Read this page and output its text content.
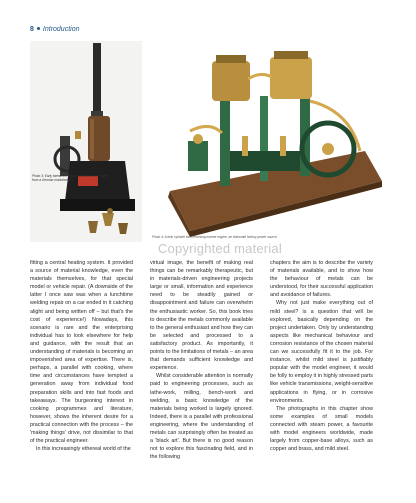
8 Introduction
Photo 3: Early twentieth century vertical steam engine, from a German manufacturer.
Photo 4: A twin cylinder twin reversing marine engine, an elaborate factory power source.
Copyrighted material

fitting a central heating system. It provided a source of material knowledge, even the materials themselves, for that special model or vehicle repair. (A downside of the latter I once saw was when a lunchtime welding repair on a car ended in it catching alight and being written off – but that's the cost of experience!) Nowadays, this scenario is rare and the enterprising individual has to look elsewhere for help and guidance, with the result that an understanding of materials is becoming an impoverished area of expertise. There is, perhaps, a parallel with cooking, where time and circumstances have tempted a generation away from individual food preparation skills and into fast foods and takeaways. The burgeoning interest in cooking programmes and literature, however, shows the inherent desire for a practical connection with the process – the 'making things' drive, not dissimilar to that of the practical engineer.

In this increasingly ethereal world of the

virtual image, the benefit of making real things can be remarkably therapeutic, but in materials-driven engineering projects large or small, information and experience need to be steadily gained or disappointment and failure can overwhelm the enthusiastic worker. So, this book tries to describe the metals commonly available to the general enthusiast and how they can be selected and processed to a satisfactory product. As importantly, it points to the limitations of metals – an area that demands sufficient knowledge and experience.

Whilst considerable attention is normally paid to engineering processes, such as lathe-work, milling, bench-work and welding, a basic knowledge of the materials being worked is largely ignored. Indeed, there is a parallel with professional engineering, where the understanding of metals can surprisingly often be treated as a 'black art'. But there is no good reason not to explore this fascinating field, and in the following

chapters the aim is to describe the variety of materials available, and to show how the behaviour of metals can be understood, for their successful application and avoidance of failures.

Why not just make everything out of mild steel? is a question that will be explored, basically depending on the project undertaken. Only by understanding aspects like mechanical behaviour and corrosion resistance of the chosen material can we successfully fit it to the job. For instance, whilst mild steel is justifiably popular with the model engineer, it would be folly to employ it in highly stressed parts like vehicle transmissions, weight-sensitive applications in flying, or in corrosive environments.

The photographs in this chapter show some examples of small models connected with steam power, a favourite with model engineers worldwide, made largely from copper-base alloys, such as copper and brass, and mild steel.
